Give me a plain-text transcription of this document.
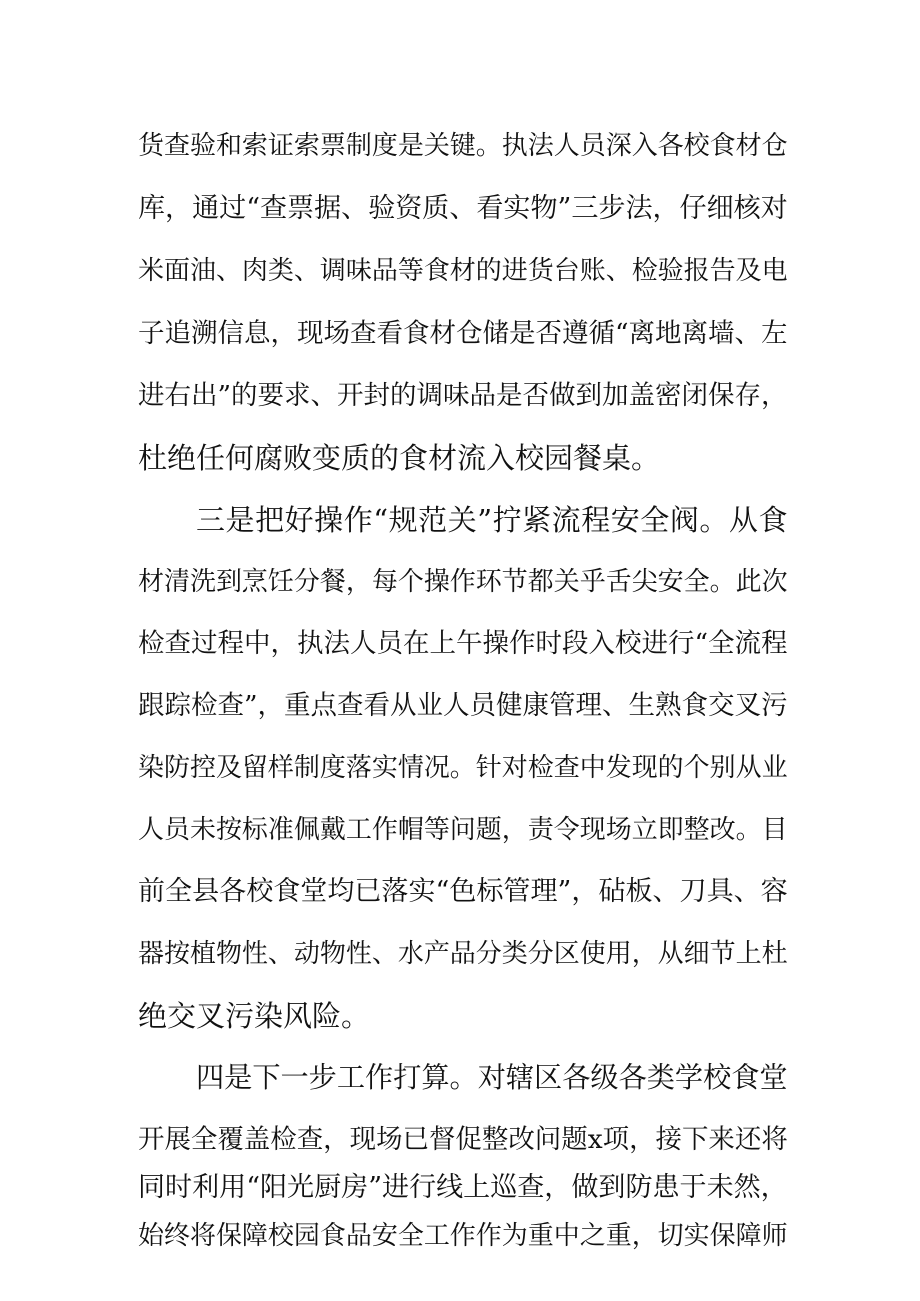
货查验和索证索票制度是关键。执法人员深入各校食材仓
库，通过“查票据、验资质、看实物”三步法，仔细核对
米面油、肉类、调味品等食材的进货台账、检验报告及电
子追溯信息，现场查看食材仓储是否遵循“离地离墙、左
进右出”的要求、开封的调味品是否做到加盖密闭保存，
杜绝任何腐败变质的食材流入校园餐桌。
三是把好操作“规范关”拧紧流程安全阀。从食
材清洗到烹饪分餐，每个操作环节都关乎舌尖安全。此次
检查过程中，执法人员在上午操作时段入校进行“全流程
跟踪检查”，重点查看从业人员健康管理、生熟食交叉污
染防控及留样制度落实情况。针对检查中发现的个别从业
人员未按标准佩戴工作帽等问题，责令现场立即整改。目
前全县各校食堂均已落实“色标管理”，砧板、刀具、容
器按植物性、动物性、水产品分类分区使用，从细节上杜
绝交叉污染风险。
四是下一步工作打算。对辖区各级各类学校食堂
开展全覆盖检查，现场已督促整改问题x项，接下来还将
同时利用“阳光厨房”进行线上巡查，做到防患于未然，
始终将保障校园食品安全工作作为重中之重，切实保障师
